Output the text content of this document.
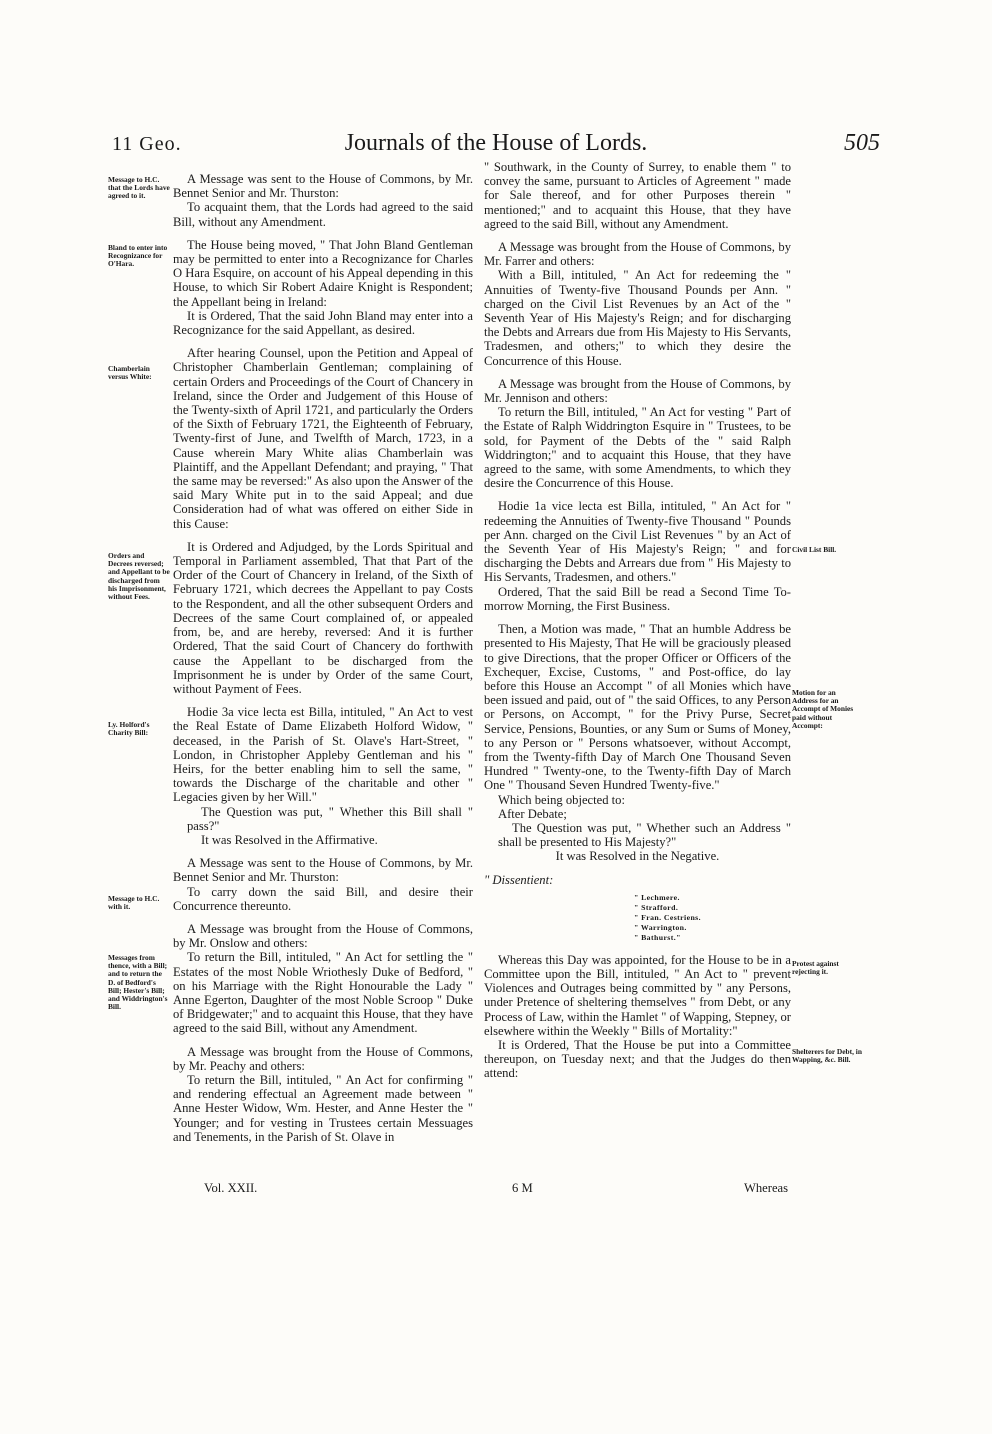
11 Geo.	Journals of the House of Lords.	505
Message to H.C. that the Lords have agreed to it.
Bland to enter into Recognizance for O'Hara.
Chamberlain versus White:
Orders and Decrees reversed; and Appellant to be discharged from his Imprisonment, without Fees.
Ly. Holford's Charity Bill:
Message to H.C. with it.
Messages from thence, with a Bill; and to return the D. of Bedford's Bill; Hester's Bill; and Widdrington's Bill.
Civil List Bill.
Motion for an Address for an Accompt of Monies paid without Accompt:
Protest against rejecting it.
Shelterers for Debt, in Wapping, &c. Bill.

A Message was sent to the House of Commons, by Mr. Bennet Senior and Mr. Thurston:

To acquaint them, that the Lords had agreed to the said Bill, without any Amendment.

The House being moved, " That John Bland Gentleman may be permitted to enter into a Recognizance for Charles O Hara Esquire, on account of his Appeal depending in this House, to which Sir Robert Adaire Knight is Respondent; the Appellant being in Ireland:

It is Ordered, That the said John Bland may enter into a Recognizance for the said Appellant, as desired.

After hearing Counsel, upon the Petition and Appeal of Christopher Chamberlain Gentleman; complaining of certain Orders and Proceedings of the Court of Chancery in Ireland, since the Order and Judgement of this House of the Twenty-sixth of April 1721, and particularly the Orders of the Sixth of February 1721, the Eighteenth of February, Twenty-first of June, and Twelfth of March, 1723, in a Cause wherein Mary White alias Chamberlain was Plaintiff, and the Appellant Defendant; and praying, " That the same may be reversed:" As also upon the Answer of the said Mary White put in to the said Appeal; and due Consideration had of what was offered on either Side in this Cause:

It is Ordered and Adjudged, by the Lords Spiritual and Temporal in Parliament assembled, That that Part of the Order of the Court of Chancery in Ireland, of the Sixth of February 1721, which decrees the Appellant to pay Costs to the Respondent, and all the other subsequent Orders and Decrees of the same Court complained of, or appealed from, be, and are hereby, reversed: And it is further Ordered, That the said Court of Chancery do forthwith cause the Appellant to be discharged from the Imprisonment he is under by Order of the same Court, without Payment of Fees.

Hodie 3a vice lecta est Billa, intituled, " An Act to vest the Real Estate of Dame Elizabeth Holford Widow, " deceased, in the Parish of St. Olave's Hart-Street, " London, in Christopher Appleby Gentleman and his " Heirs, for the better enabling him to sell the same, " towards the Discharge of the charitable and other " Legacies given by her Will."

The Question was put, " Whether this Bill shall " pass?"

It was Resolved in the Affirmative.

A Message was sent to the House of Commons, by Mr. Bennet Senior and Mr. Thurston:

To carry down the said Bill, and desire their Concurrence thereunto.

A Message was brought from the House of Commons, by Mr. Onslow and others:

To return the Bill, intituled, " An Act for settling the " Estates of the most Noble Wriothesly Duke of Bedford, " on his Marriage with the Right Honourable the Lady " Anne Egerton, Daughter of the most Noble Scroop " Duke of Bridgewater;" and to acquaint this House, that they have agreed to the said Bill, without any Amendment.

A Message was brought from the House of Commons, by Mr. Peachy and others:

To return the Bill, intituled, " An Act for confirming " and rendering effectual an Agreement made between " Anne Hester Widow, Wm. Hester, and Anne Hester the " Younger; and for vesting in Trustees certain Messuages and Tenements, in the Parish of St. Olave in

" Southwark, in the County of Surrey, to enable them " to convey the same, pursuant to Articles of Agreement " made for Sale thereof, and for other Purposes therein " mentioned;" and to acquaint this House, that they have agreed to the said Bill, without any Amendment.

A Message was brought from the House of Commons, by Mr. Farrer and others:

With a Bill, intituled, " An Act for redeeming the " Annuities of Twenty-five Thousand Pounds per Ann. " charged on the Civil List Revenues by an Act of the " Seventh Year of His Majesty's Reign; and for discharging the Debts and Arrears due from His Majesty to His Servants, Tradesmen, and others;" to which they desire the Concurrence of this House.

A Message was brought from the House of Commons, by Mr. Jennison and others:

To return the Bill, intituled, " An Act for vesting " Part of the Estate of Ralph Widdrington Esquire in " Trustees, to be sold, for Payment of the Debts of the " said Ralph Widdrington;" and to acquaint this House, that they have agreed to the same, with some Amendments, to which they desire the Concurrence of this House.

Hodie 1a vice lecta est Billa, intituled, " An Act for " redeeming the Annuities of Twenty-five Thousand " Pounds per Ann. charged on the Civil List Revenues " by an Act of the Seventh Year of His Majesty's Reign; " and for discharging the Debts and Arrears due from " His Majesty to His Servants, Tradesmen, and others."

Ordered, That the said Bill be read a Second Time To-morrow Morning, the First Business.

Then, a Motion was made, " That an humble Address be presented to His Majesty, That He will be graciously pleased to give Directions, that the proper Officer or Officers of the Exchequer, Excise, Customs, " and Post-office, do lay before this House an Accompt " of all Monies which have been issued and paid, out of " the said Offices, to any Person or Persons, on Accompt, " for the Privy Purse, Secret Service, Pensions, Bounties, or any Sum or Sums of Money, to any Person or " Persons whatsoever, without Accompt, from the Twenty-fifth Day of March One Thousand Seven Hundred " Twenty-one, to the Twenty-fifth Day of March One " Thousand Seven Hundred Twenty-five."

Which being objected to:

After Debate;

The Question was put, " Whether such an Address " shall be presented to His Majesty?"

It was Resolved in the Negative.

" Dissentient:

" Lechmere.
" Strafford.
" Fran. Cestriens.
" Warrington.
" Bathurst."

Whereas this Day was appointed, for the House to be in a Committee upon the Bill, intituled, " An Act to " prevent Violences and Outrages being committed by " any Persons, under Pretence of sheltering themselves " from Debt, or any Process of Law, within the Hamlet " of Wapping, Stepney, or elsewhere within the Weekly " Bills of Mortality:"

It is Ordered, That the House be put into a Committee thereupon, on Tuesday next; and that the Judges do then attend:

Vol. XXII.	6 M	Whereas
